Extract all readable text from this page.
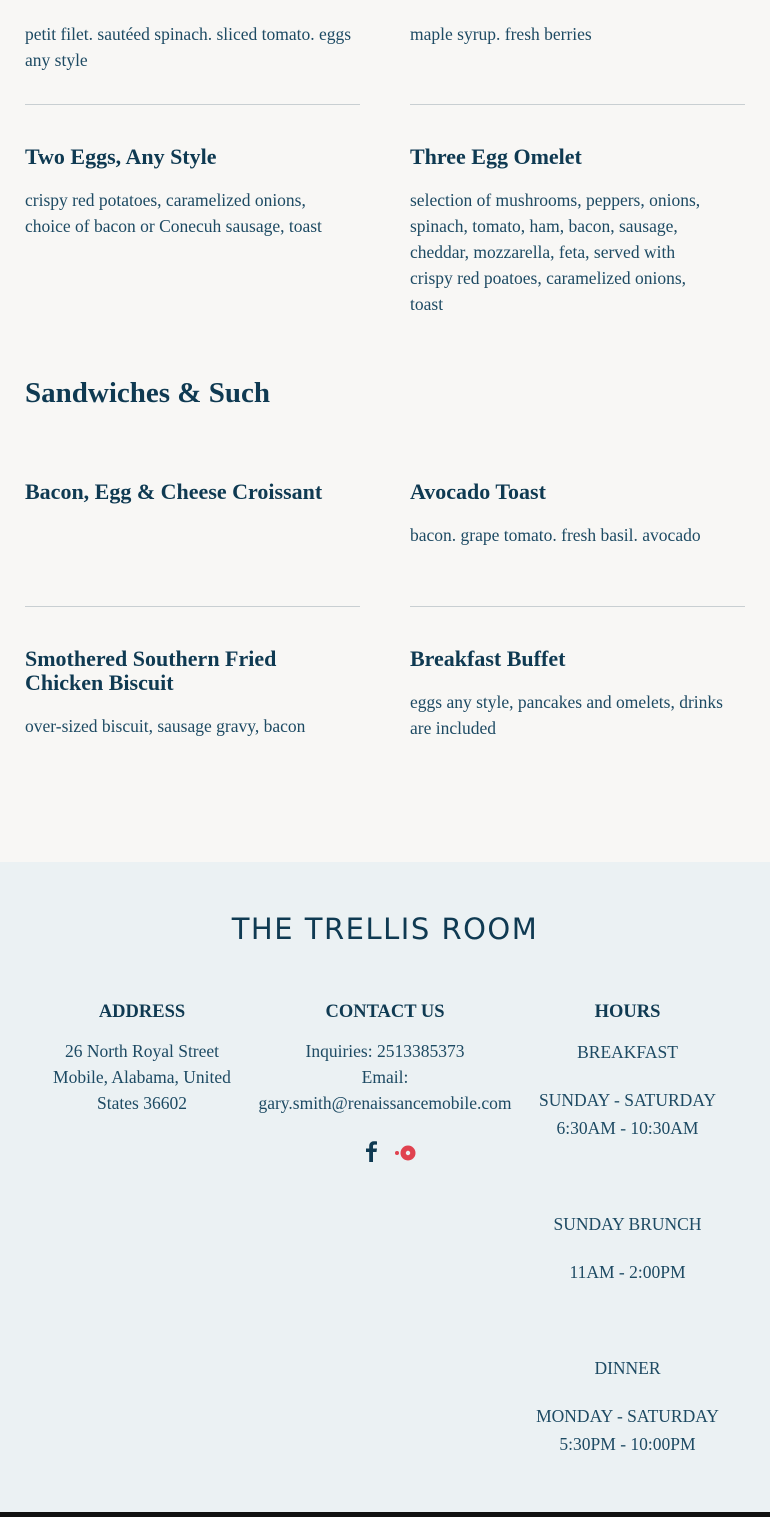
petit filet. sautéed spinach. sliced tomato. eggs any style

maple syrup. fresh berries

Two Eggs, Any Style

crispy red potatoes, caramelized onions, choice of bacon or Conecuh sausage, toast

Three Egg Omelet

selection of mushrooms, peppers, onions, spinach, tomato, ham, bacon, sausage, cheddar, mozzarella, feta, served with crispy red poatoes, caramelized onions, toast

Sandwiches & Such
Bacon, Egg & Cheese Croissant	Avocado Toast

bacon. grape tomato. fresh basil. avocado

Smothered Southern Fried Chicken Biscuit

over-sized biscuit, sausage gravy, bacon

Breakfast Buffet

eggs any style, pancakes and omelets, drinks are included

THE TRELLIS ROOM
ADDRESS

26 North Royal Street

Mobile, Alabama, United

States 36602

CONTACT US

Inquiries: 2513385373

Email:

gary.smith@renaissancemobile.com

HOURS

BREAKFAST

SUNDAY - SATURDAY

6:30AM - 10:30AM

SUNDAY BRUNCH

11AM - 2:00PM

DINNER

MONDAY - SATURDAY

5:30PM - 10:00PM
